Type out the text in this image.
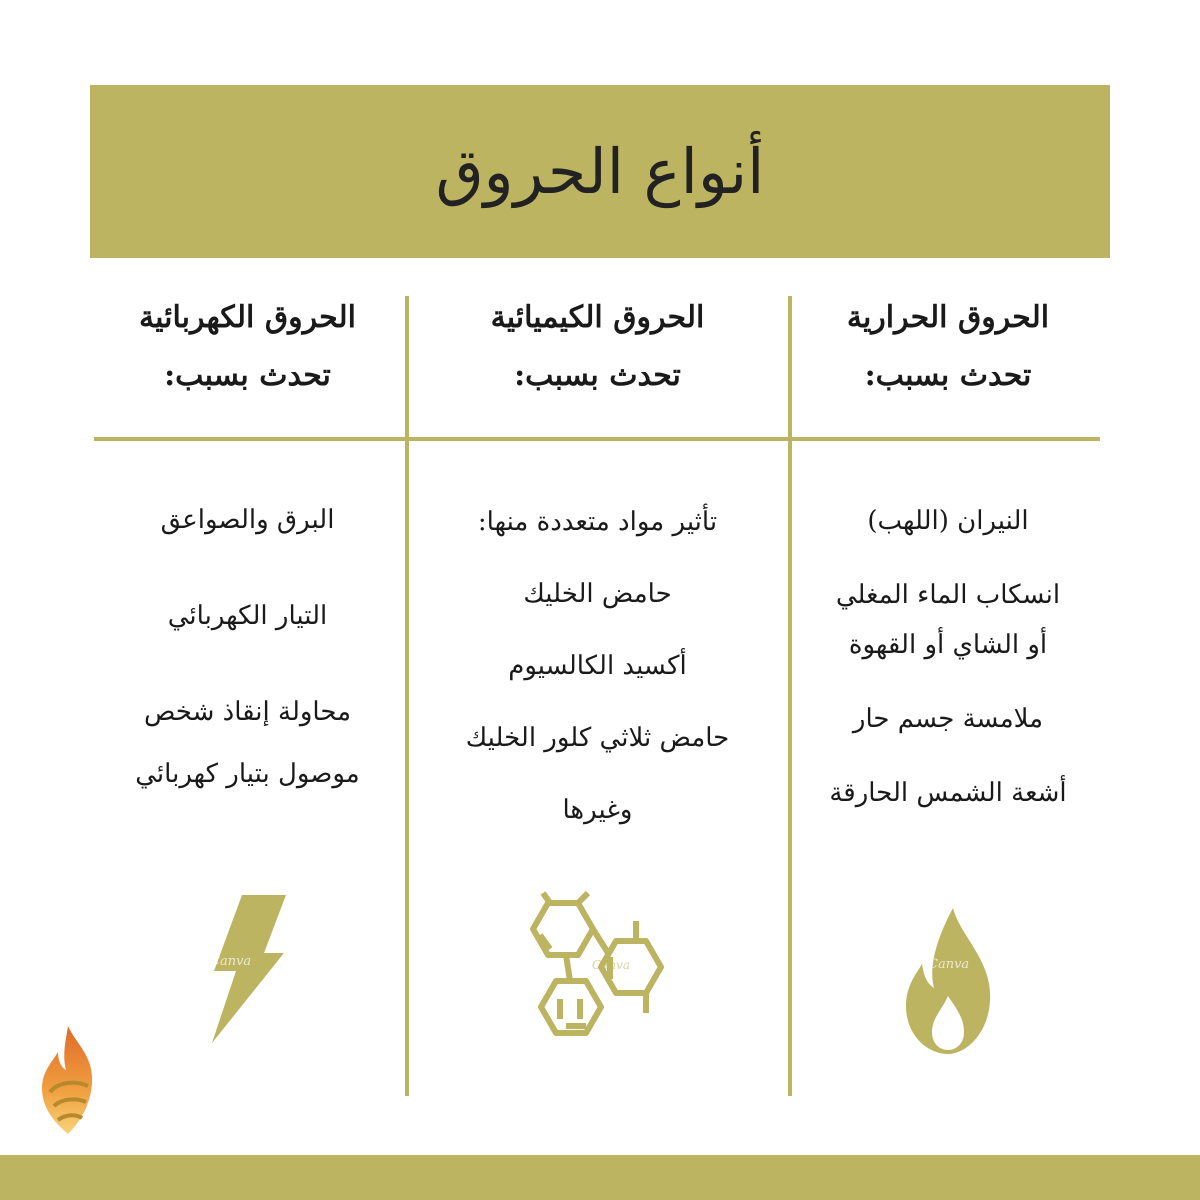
أنواع الحروق
الحروق الحرارية
تحدث بسبب:
النيران (اللهب)
انسكاب الماء المغلي
أو الشاي أو القهوة
ملامسة جسم حار
أشعة الشمس الحارقة
Canva
الحروق الكيميائية
تحدث بسبب:
تأثير مواد متعددة منها:
حامض الخليك
أكسيد الكالسيوم
حامض ثلاثي كلور الخليك
وغيرها
Canva
الحروق الكهربائية
تحدث بسبب:
البرق والصواعق
التيار الكهربائي
محاولة إنقاذ شخص
موصول بتيار كهربائي
Canva
